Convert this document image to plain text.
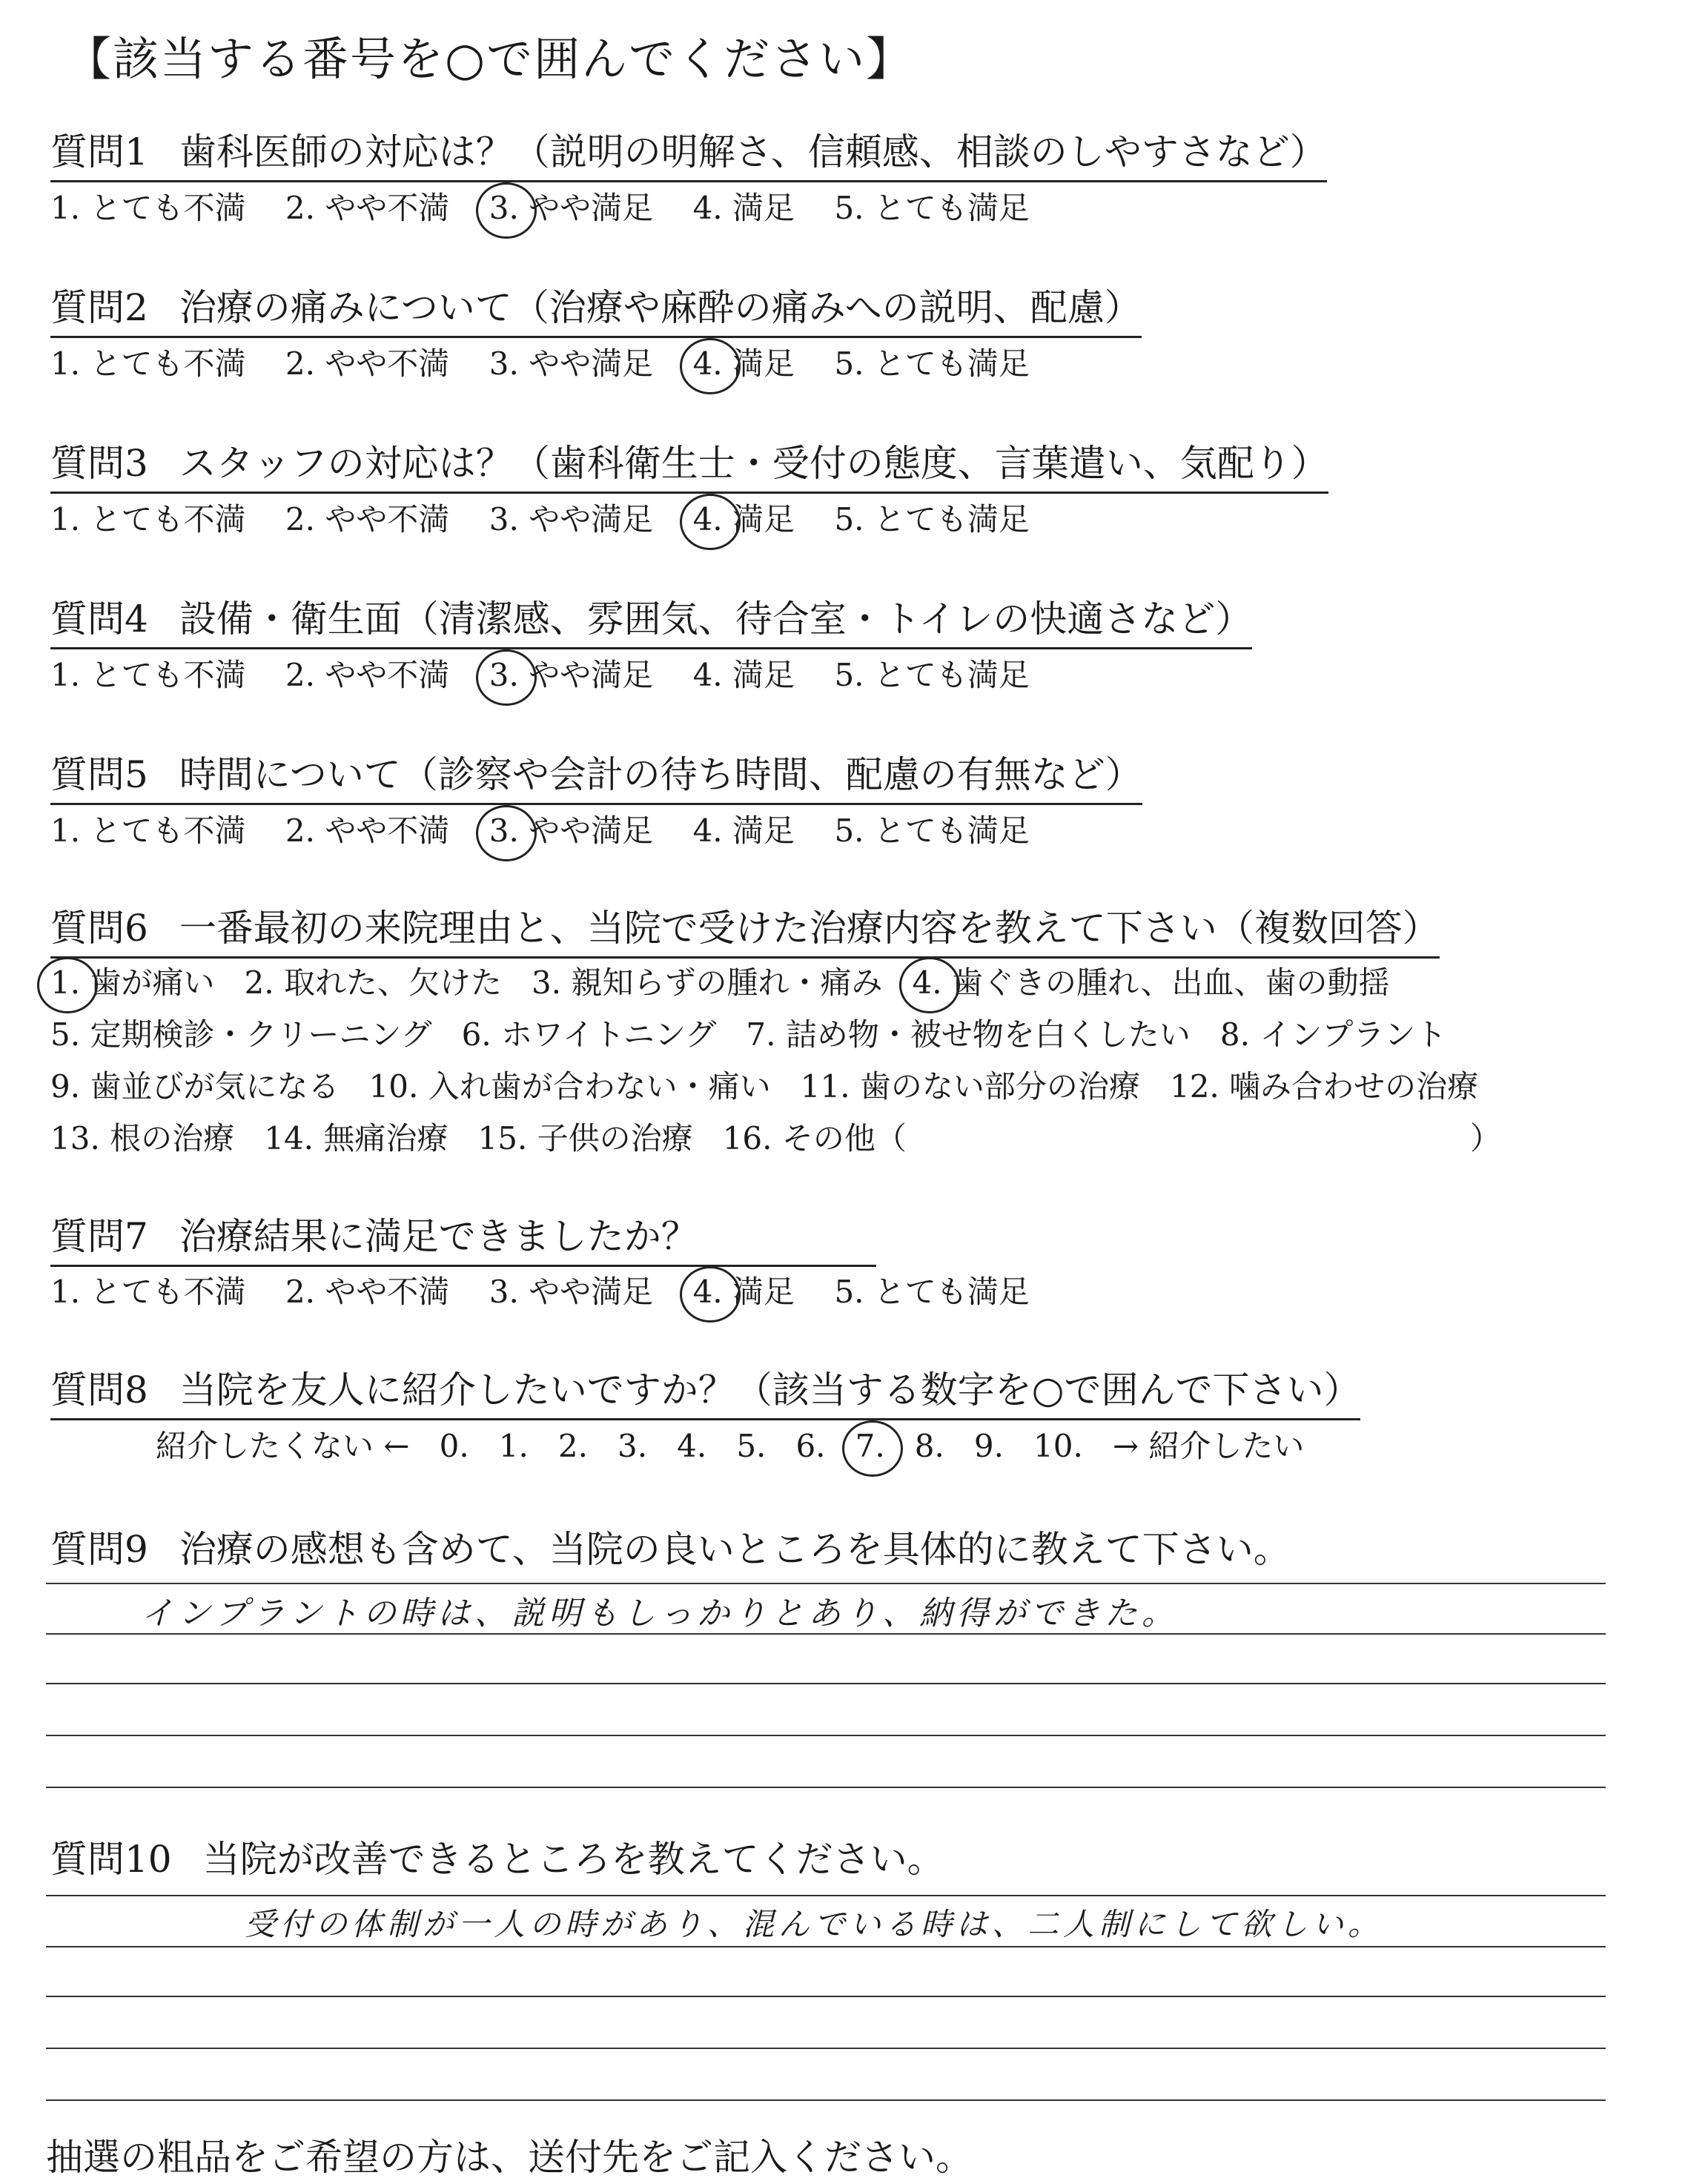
【該当する番号を○で囲んでください】
質問1 歯科医師の対応は？（説明の明解さ、信頼感、相談のしやすさなど）
1. とても不満 2. やや不満 3. やや満足 4. 満足 5. とても満足
質問2 治療の痛みについて（治療や麻酔の痛みへの説明、配慮）
1. とても不満 2. やや不満 3. やや満足 4. 満足 5. とても満足
質問3 スタッフの対応は？（歯科衛生士・受付の態度、言葉遣い、気配り）
1. とても不満 2. やや不満 3. やや満足 4. 満足 5. とても満足
質問4 設備・衛生面（清潔感、雰囲気、待合室・トイレの快適さなど）
1. とても不満 2. やや不満 3. やや満足 4. 満足 5. とても満足
質問5 時間について（診察や会計の待ち時間、配慮の有無など）
1. とても不満 2. やや不満 3. やや満足 4. 満足 5. とても満足
質問6 一番最初の来院理由と、当院で受けた治療内容を教えて下さい（複数回答）
1. 歯が痛い 2. 取れた、欠けた 3. 親知らずの腫れ・痛み 4. 歯ぐきの腫れ、出血、歯の動揺
5. 定期検診・クリーニング 6. ホワイトニング 7. 詰め物・被せ物を白くしたい 8. インプラント
9. 歯並びが気になる 10. 入れ歯が合わない・痛い 11. 歯のない部分の治療 12. 噛み合わせの治療
13. 根の治療 14. 無痛治療 15. 子供の治療 16. その他（	）
質問7 治療結果に満足できましたか？
1. とても不満 2. やや不満 3. やや満足 4. 満足 5. とても満足
質問8 当院を友人に紹介したいですか？（該当する数字を○で囲んで下さい）
紹介したくない ← 0. 1. 2. 3. 4. 5. 6. 7. 8. 9. 10. → 紹介したい
質問9 治療の感想も含めて、当院の良いところを具体的に教えて下さい。
インプラントの時は、説明もしっかりとあり、納得ができた。
質問10 当院が改善できるところを教えてください。
受付の体制が一人の時があり、混んでいる時は、二人制にして欲しい。
抽選の粗品をご希望の方は、送付先をご記入ください。
